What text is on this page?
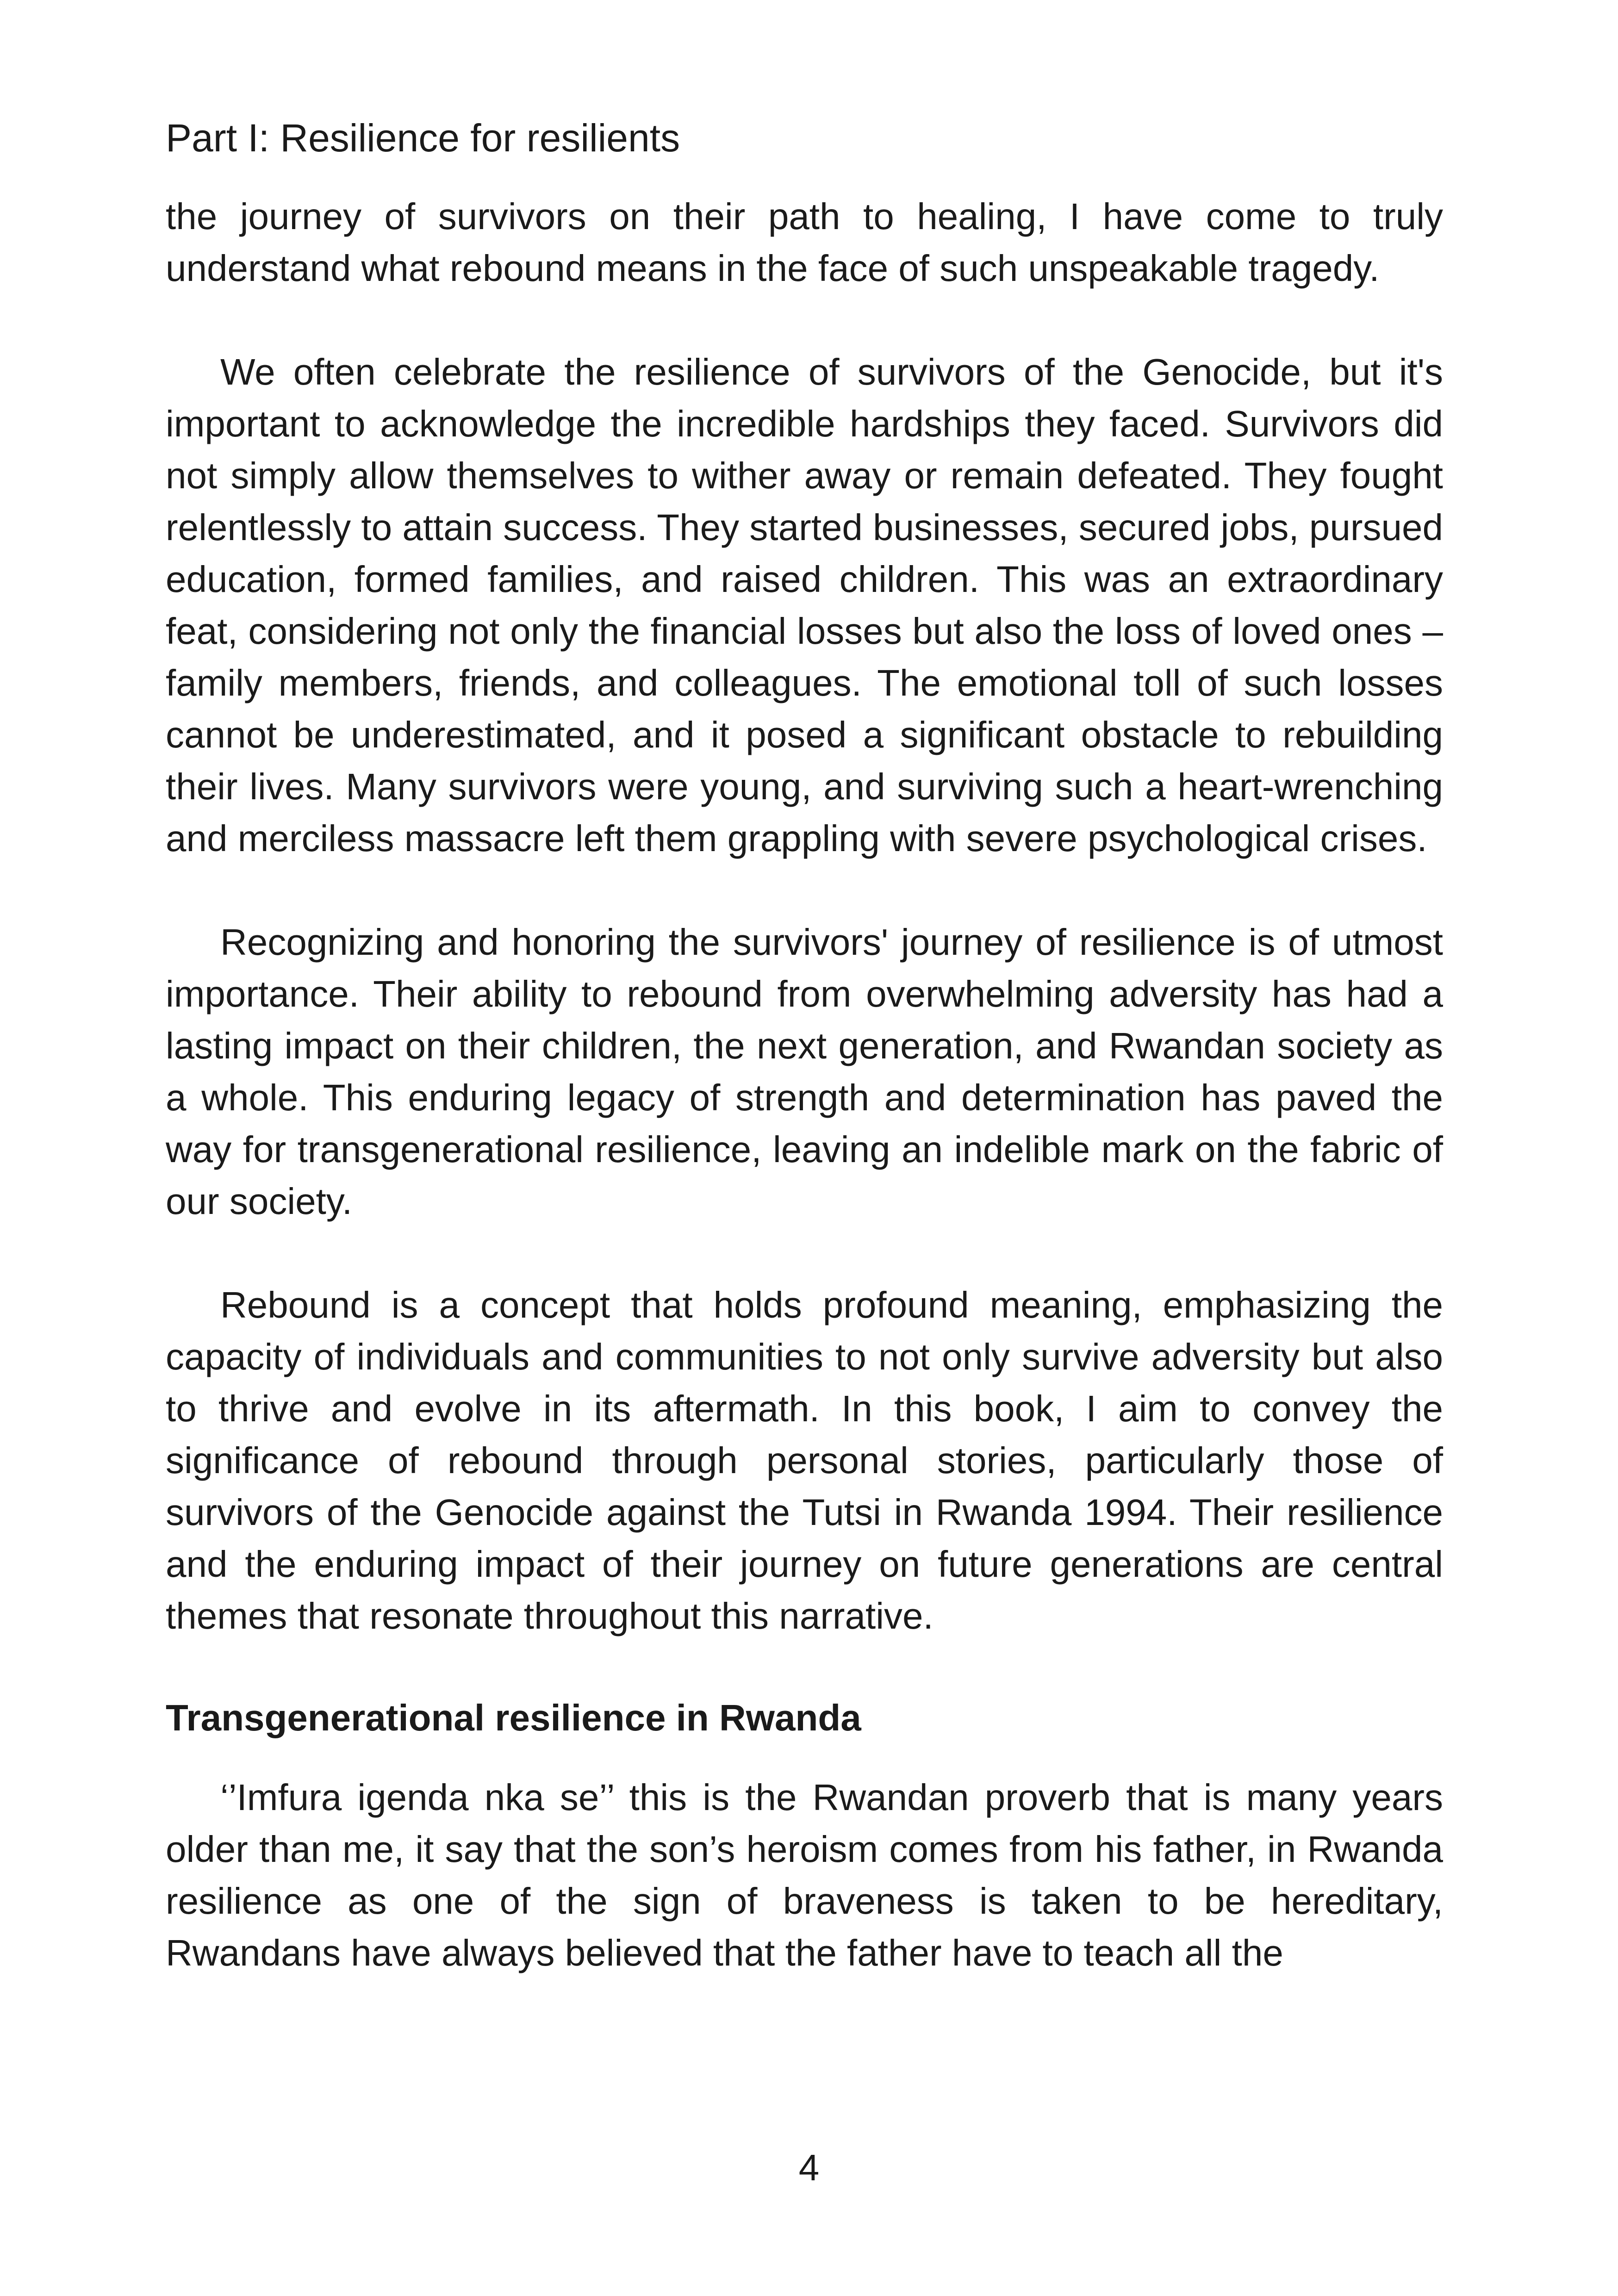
Part I: Resilience for resilients

the journey of survivors on their path to healing, I have come to truly understand what rebound means in the face of such unspeakable tragedy.

We often celebrate the resilience of survivors of the Genocide, but it's important to acknowledge the incredible hardships they faced. Survivors did not simply allow themselves to wither away or remain defeated. They fought relentlessly to attain success. They started businesses, secured jobs, pursued education, formed families, and raised children. This was an extraordinary feat, considering not only the financial losses but also the loss of loved ones – family members, friends, and colleagues. The emotional toll of such losses cannot be underestimated, and it posed a significant obstacle to rebuilding their lives. Many survivors were young, and surviving such a heart-wrenching and merciless massacre left them grappling with severe psychological crises.

Recognizing and honoring the survivors' journey of resilience is of utmost importance. Their ability to rebound from overwhelming adversity has had a lasting impact on their children, the next generation, and Rwandan society as a whole. This enduring legacy of strength and determination has paved the way for transgenerational resilience, leaving an indelible mark on the fabric of our society.

Rebound is a concept that holds profound meaning, emphasizing the capacity of individuals and communities to not only survive adversity but also to thrive and evolve in its aftermath. In this book, I aim to convey the significance of rebound through personal stories, particularly those of survivors of the Genocide against the Tutsi in Rwanda 1994. Their resilience and the enduring impact of their journey on future generations are central themes that resonate throughout this narrative.

Transgenerational resilience in Rwanda

‘’Imfura igenda nka se’’ this is the Rwandan proverb that is many years older than me, it say that the son’s heroism comes from his father, in Rwanda resilience as one of the sign of braveness is taken to be hereditary, Rwandans have always believed that the father have to teach all the

4
